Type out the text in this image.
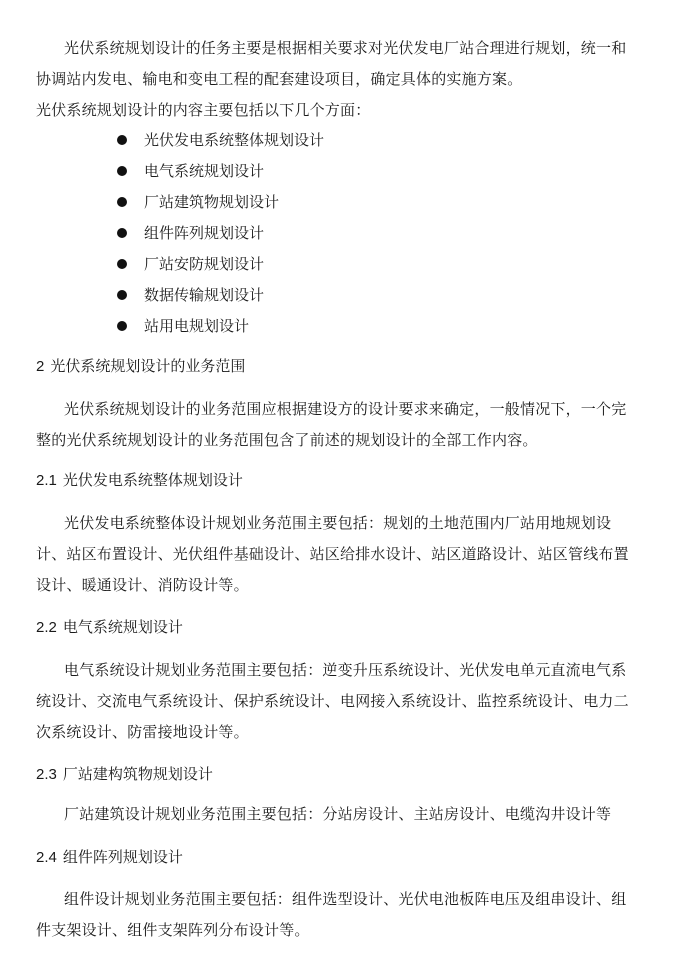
光伏系统规划设计的任务主要是根据相关要求对光伏发电厂站合理进行规划，统一和
协调站内发电、输电和变电工程的配套建设项目，确定具体的实施方案。
光伏系统规划设计的内容主要包括以下几个方面：
光伏发电系统整体规划设计
电气系统规划设计
厂站建筑物规划设计
组件阵列规划设计
厂站安防规划设计
数据传输规划设计
站用电规划设计
2 光伏系统规划设计的业务范围
光伏系统规划设计的业务范围应根据建设方的设计要求来确定，一般情况下，一个完
整的光伏系统规划设计的业务范围包含了前述的规划设计的全部工作内容。
2.1 光伏发电系统整体规划设计
光伏发电系统整体设计规划业务范围主要包括：规划的土地范围内厂站用地规划设
计、站区布置设计、光伏组件基础设计、站区给排水设计、站区道路设计、站区管线布置
设计、暖通设计、消防设计等。
2.2 电气系统规划设计
电气系统设计规划业务范围主要包括：逆变升压系统设计、光伏发电单元直流电气系
统设计、交流电气系统设计、保护系统设计、电网接入系统设计、监控系统设计、电力二
次系统设计、防雷接地设计等。
2.3 厂站建构筑物规划设计
厂站建筑设计规划业务范围主要包括：分站房设计、主站房设计、电缆沟井设计等
2.4 组件阵列规划设计
组件设计规划业务范围主要包括：组件选型设计、光伏电池板阵电压及组串设计、组
件支架设计、组件支架阵列分布设计等。
